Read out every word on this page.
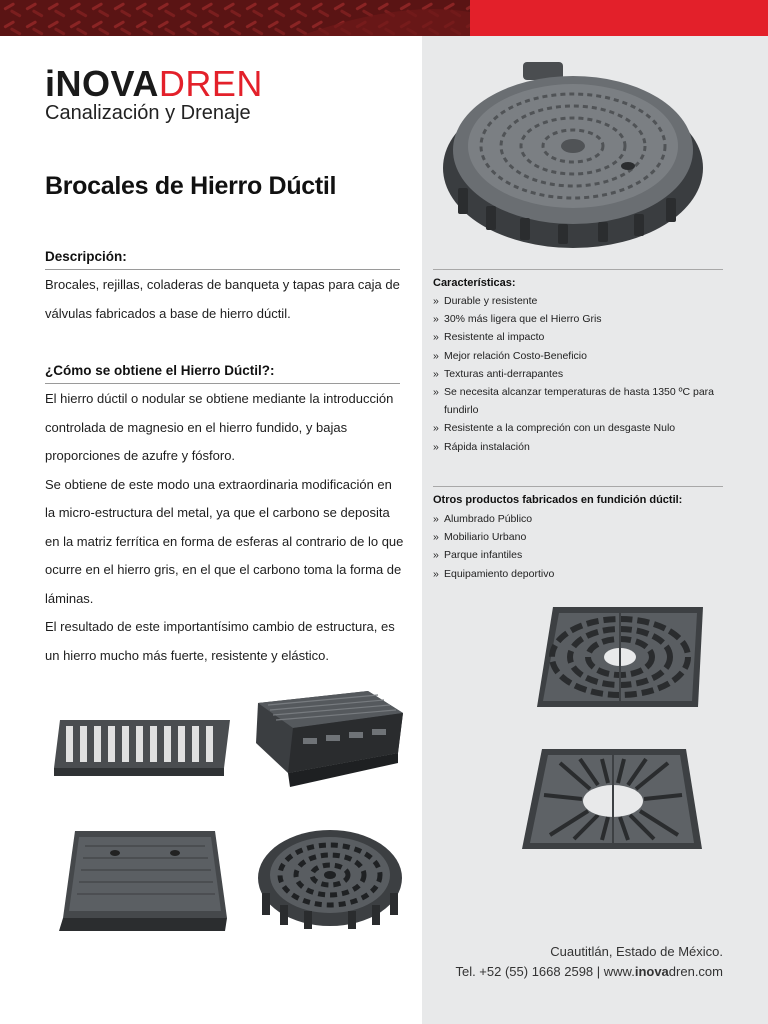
iNOVADREN
Canalización y Drenaje
Brocales de Hierro Dúctil
Descripción:

Brocales, rejillas, coladeras de banqueta y tapas para caja de válvulas fabricados a base de hierro dúctil.

¿Cómo se obtiene el Hierro Dúctil?:

El hierro dúctil o nodular se obtiene mediante la introducción controlada de magnesio en el hierro fundido, y bajas proporciones de azufre y fósforo.

Se obtiene de este modo una extraordinaria modificación en la micro-estructura del metal, ya que el carbono se deposita en la matriz ferrítica en forma de esferas al contrario de lo que ocurre en el hierro gris, en el que el carbono toma la forma de láminas.

El resultado de este importantísimo cambio de estructura, es un hierro mucho más fuerte, resistente y elástico.

Características:
» Durable y resistente
» 30% más ligera que el Hierro Gris
» Resistente al impacto
» Mejor relación Costo-Beneficio
» Texturas anti-derrapantes
» Se necesita alcanzar temperaturas de hasta 1350 ºC para fundirlo
» Resistente a la compreción con un desgaste Nulo
» Rápida instalación
Otros productos fabricados en fundición dúctil:
» Alumbrado Público
» Mobiliario Urbano
» Parque infantiles
» Equipamiento deportivo
Cuautitlán, Estado de México.
Tel. +52 (55) 1668 2598 | www.inovadren.com
